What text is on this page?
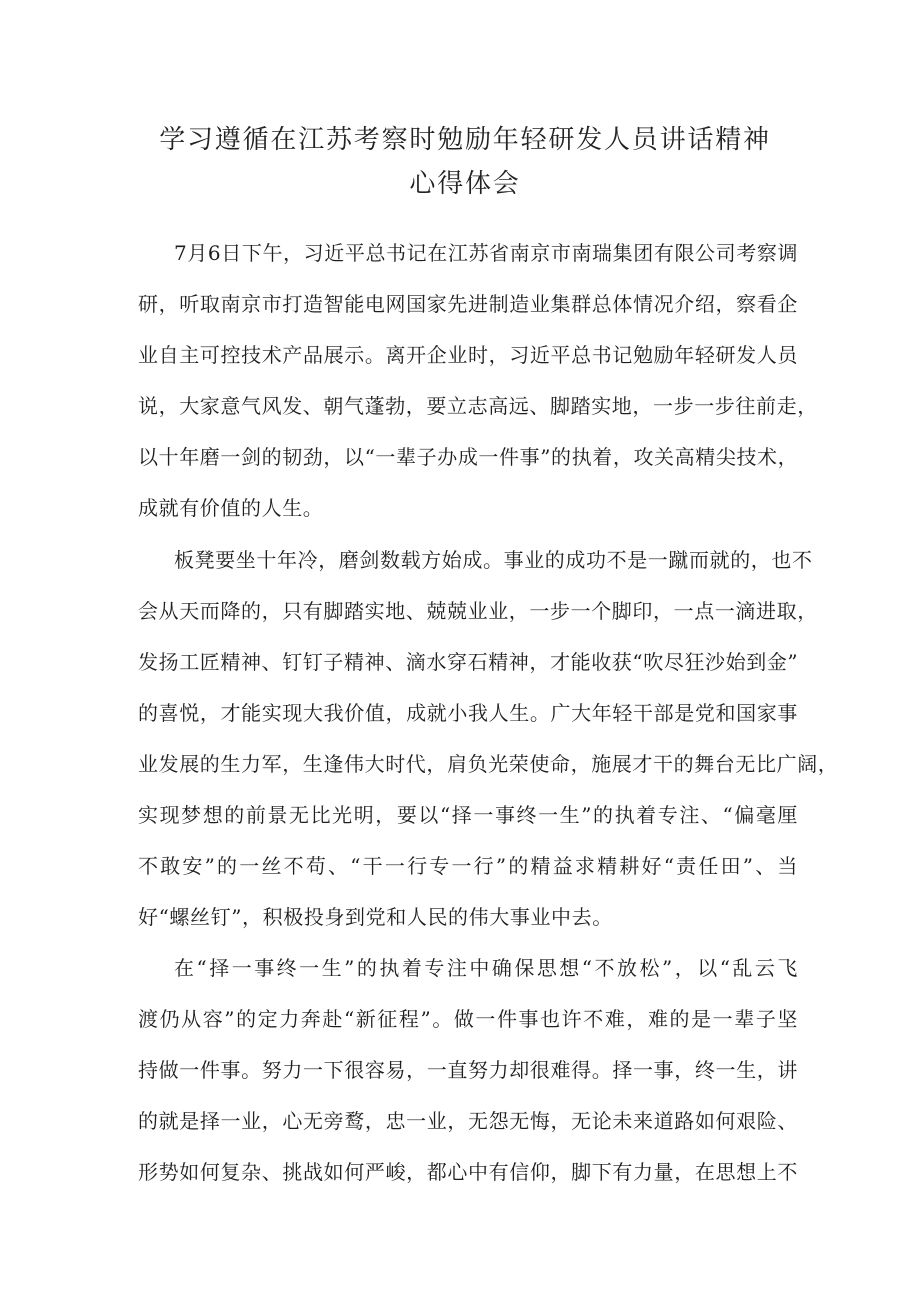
学习遵循在江苏考察时勉励年轻研发人员讲话精神
心得体会
7月6日下午，习近平总书记在江苏省南京市南瑞集团有限公司考察调
研，听取南京市打造智能电网国家先进制造业集群总体情况介绍，察看企
业自主可控技术产品展示。离开企业时，习近平总书记勉励年轻研发人员
说，大家意气风发、朝气蓬勃，要立志高远、脚踏实地，一步一步往前走，
以十年磨一剑的韧劲，以“一辈子办成一件事”的执着，攻关高精尖技术，
成就有价值的人生。
板凳要坐十年冷，磨剑数载方始成。事业的成功不是一蹴而就的，也不
会从天而降的，只有脚踏实地、兢兢业业，一步一个脚印，一点一滴进取，
发扬工匠精神、钉钉子精神、滴水穿石精神，才能收获“吹尽狂沙始到金”
的喜悦，才能实现大我价值，成就小我人生。广大年轻干部是党和国家事
业发展的生力军，生逢伟大时代，肩负光荣使命，施展才干的舞台无比广阔，
实现梦想的前景无比光明，要以“择一事终一生”的执着专注、“偏毫厘
不敢安”的一丝不苟、“干一行专一行”的精益求精耕好“责任田”、当
好“螺丝钉”，积极投身到党和人民的伟大事业中去。
在“择一事终一生”的执着专注中确保思想“不放松”，以“乱云飞
渡仍从容”的定力奔赴“新征程”。做一件事也许不难，难的是一辈子坚
持做一件事。努力一下很容易，一直努力却很难得。择一事，终一生，讲
的就是择一业，心无旁鹜，忠一业，无怨无悔，无论未来道路如何艰险、
形势如何复杂、挑战如何严峻，都心中有信仰，脚下有力量，在思想上不
